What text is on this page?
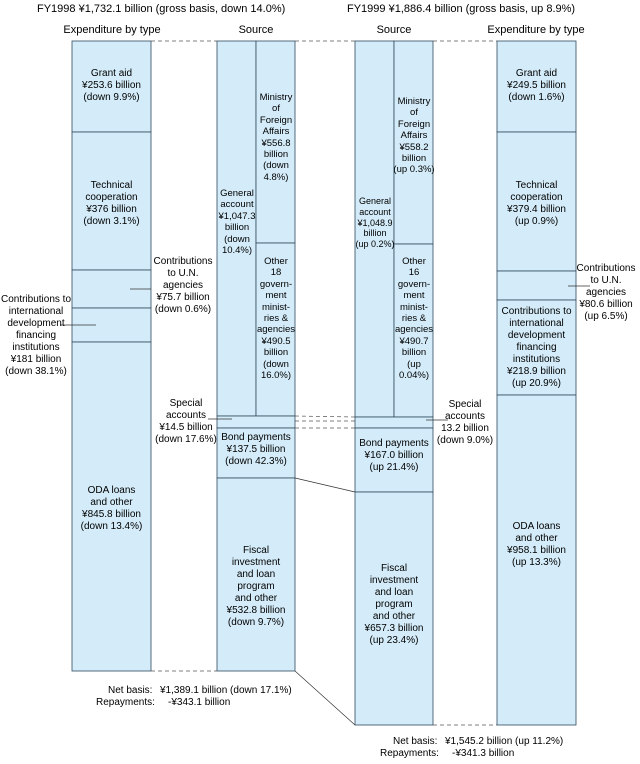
FY1998 ¥1,732.1 billion (gross basis, down 14.0%)	FY1999 ¥1,886.4 billion (gross basis, up 8.9%)
Expenditure by type	Source	Source	Expenditure by type
Grant aid
¥253.6 billion
(down 9.9%)
Technical
cooperation
¥376 billion
(down 3.1%)
Contributions
to U.N.
agencies
¥75.7 billion
(down 0.6%)
Contributions to
international
development
financing
institutions
¥181 billion
(down 38.1%)
ODA loans
and other
¥845.8 billion
(down 13.4%)
General
account
¥1,047.3
billion
(down
10.4%)
Ministry
of
Foreign
Affairs
¥556.8
billion
(down
4.8%)
Other
18
govern-
ment
minist-
ries &
agencies
¥490.5
billion
(down
16.0%)
Special
accounts
¥14.5 billion
(down 17.6%) Bond payments
¥137.5 billion
(down 42.3%)
Fiscal
investment
and loan
program
and other
¥532.8 billion
(down 9.7%)
Net basis: ¥1,389.1 billion (down 17.1%)
Repayments: -¥343.1 billion
General
account
¥1,048.9
billion
(up 0.2%)
Ministry
of
Foreign
Affairs
¥558.2
billion
(up 0.3%)
Other
16
govern-
ment
minist-
ries &
agencies
¥490.7
billion
(up
0.04%)
Special
accounts
13.2 billion
(down 9.0%)
Bond payments
¥167.0 billion
(up 21.4%)
Fiscal
investment
and loan
program
and other
¥657.3 billion
(up 23.4%)
Grant aid
¥249.5 billion
(down 1.6%)
Technical
cooperation
¥379.4 billion
(up 0.9%)
Contributions
to U.N.
agencies
¥80.6 billion
(up 6.5%)
Contributions to
international
development
financing
institutions
¥218.9 billion
(up 20.9%)
ODA loans
and other
¥958.1 billion
(up 13.3%)
Net basis: ¥1,545.2 billion (up 11.2%)
Repayments: -¥341.3 billion
